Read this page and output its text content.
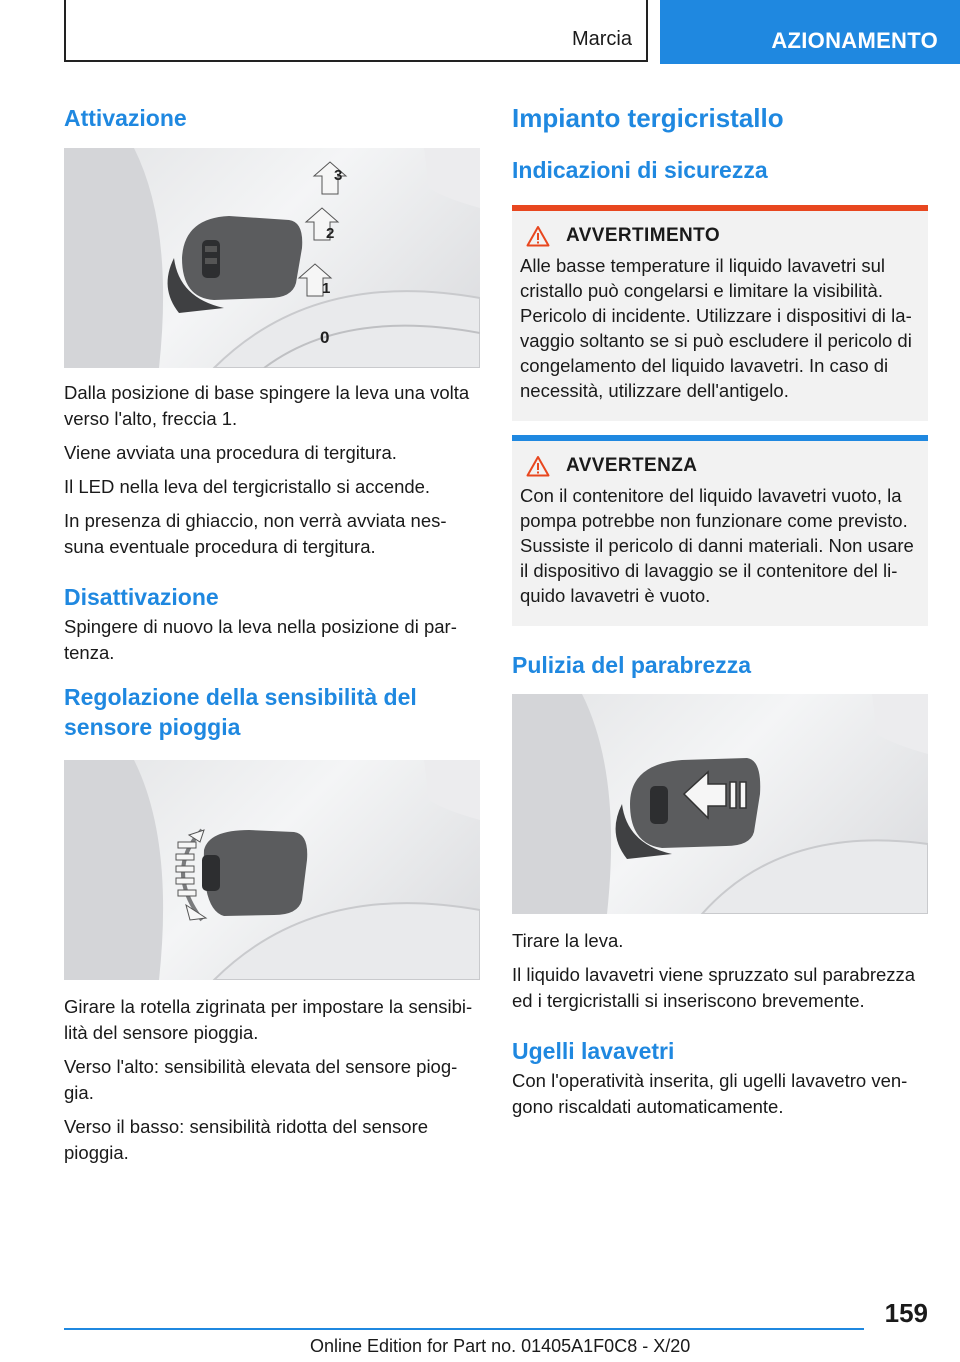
Marcia	AZIONAMENTO
Attivazione
3
2
1
0

Dalla posizione di base spingere la leva una volta verso l'alto, freccia 1.

Viene avviata una procedura di tergitura.

Il LED nella leva del tergicristallo si accende.

In presenza di ghiaccio, non verrà avviata nessuna eventuale procedura di tergitura.

Disattivazione

Spingere di nuovo la leva nella posizione di partenza.

Regolazione della sensibilità del sensore pioggia

Girare la rotella zigrinata per impostare la sensibilità del sensore pioggia.

Verso l'alto: sensibilità elevata del sensore pioggia.

Verso il basso: sensibilità ridotta del sensore pioggia.

Impianto tergicristallo
Indicazioni di sicurezza
AVVERTIMENTO

Alle basse temperature il liquido lavavetri sul cristallo può congelarsi e limitare la visibilità. Pericolo di incidente. Utilizzare i dispositivi di lavaggio soltanto se si può escludere il pericolo di congelamento del liquido lavavetri. In caso di necessità, utilizzare dell'antigelo.

AVVERTENZA

Con il contenitore del liquido lavavetri vuoto, la pompa potrebbe non funzionare come previsto. Sussiste il pericolo di danni materiali. Non usare il dispositivo di lavaggio se il contenitore del liquido lavavetri è vuoto.

Pulizia del parabrezza

Tirare la leva.

Il liquido lavavetri viene spruzzato sul parabrezza ed i tergicristalli si inseriscono brevemente.

Ugelli lavavetri

Con l'operatività inserita, gli ugelli lavavetro vengono riscaldati automaticamente.

159
Online Edition for Part no. 01405A1F0C8 - X/20
